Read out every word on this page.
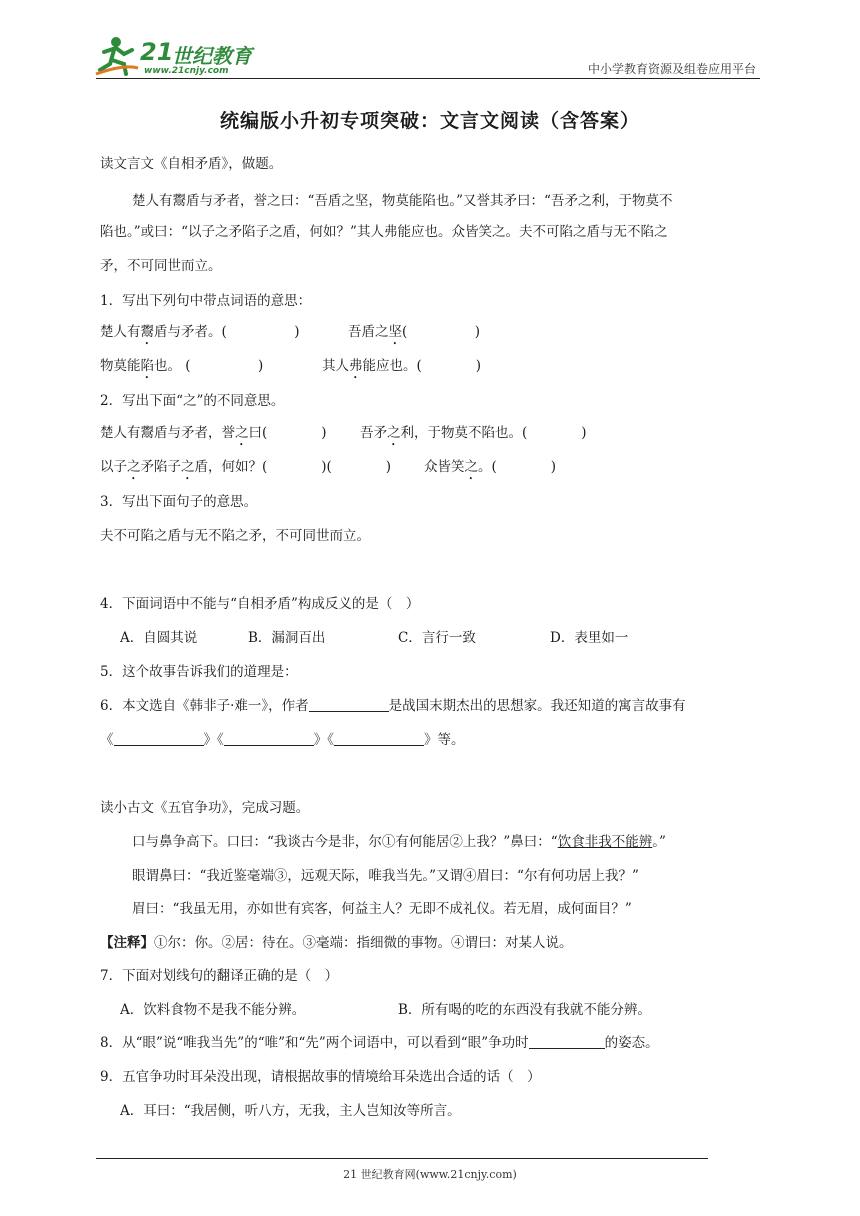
21
世纪教育
www.21cnjy.com	中小学教育资源及组卷应用平台
统编版小升初专项突破：文言文阅读（含答案）
读文言文《自相矛盾》，做题。
楚人有鬻盾与矛者，誉之曰：“吾盾之坚，物莫能陷也。”又誉其矛曰：“吾矛之利，于物莫不
陷也。”或曰：“以子之矛陷子之盾，何如？”其人弗能应也。众皆笑之。夫不可陷之盾与无不陷之
矛，不可同世而立。
1．写出下列句中带点词语的意思：
楚人有鬻盾与矛者。(　　　　　)	吾盾之坚(　　　　　)
物莫能陷也。 (　　　　　)	其人弗能应也。(　　　　)
2．写出下面“之”的不同意思。
楚人有鬻盾与矛者，誉之曰(　　　　) 吾矛之利，于物莫不陷也。(　　　　)
以子之矛陷子之盾，何如？(　　　　)(　　　　) 众皆笑之。(　　　　)
3．写出下面句子的意思。
夫不可陷之盾与无不陷之矛，不可同世而立。
4．下面词语中不能与“自相矛盾”构成反义的是（　）
A．自圆其说	B．漏洞百出	C．言行一致	D．表里如一
5．这个故事告诉我们的道理是：
6．本文选自《韩非子·难一》，作者	是战国末期杰出的思想家。我还知道的寓言故事有
《	》《	》《	》等。
读小古文《五官争功》，完成习题。
口与鼻争高下。口曰：“我谈古今是非，尔①有何能居②上我？”鼻曰：“饮食非我不能辨。”
眼谓鼻曰：“我近鉴毫端③，远观天际，唯我当先。”又谓④眉曰：“尔有何功居上我？”
眉曰：“我虽无用，亦如世有宾客，何益主人？无即不成礼仪。若无眉，成何面目？”
【注释】①尔：你。②居：待在。③毫端：指细微的事物。④谓曰：对某人说。
7．下面对划线句的翻译正确的是（　）
A．饮料食物不是我不能分辨。	B．所有喝的吃的东西没有我就不能分辨。
8．从“眼”说“唯我当先”的“唯”和“先”两个词语中，可以看到“眼”争功时	的姿态。
9．五官争功时耳朵没出现，请根据故事的情境给耳朵选出合适的话（　）
A．耳曰：“我居侧，听八方，无我，主人岂知汝等所言。
21 世纪教育网(www.21cnjy.com)
